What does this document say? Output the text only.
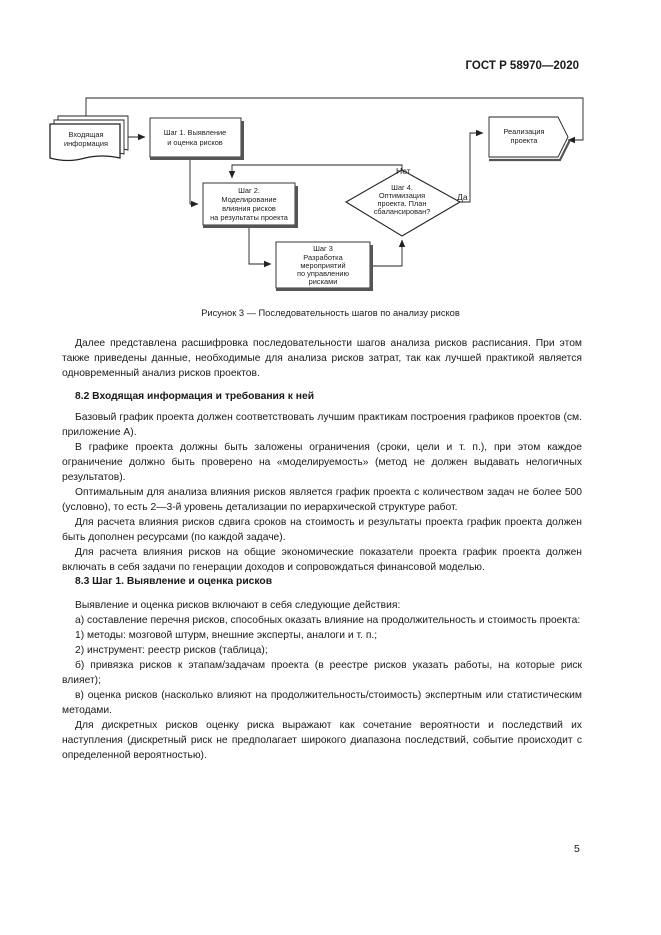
ГОСТ Р 58970—2020
Входящая
информация
Шаг 1. Выявление
и оценка рисков
Шаг 2.
Моделирование
влияния рисков
на результаты проекта
Шаг 3
Разработка
мероприятий
по управлению
рисками
Шаг 4.
Оптимизация
проекта. План
сбалансирован?
Нет
Да
Реализация
проекта
Рисунок 3 — Последовательность шагов по анализу рисков

Далее представлена расшифровка последовательности шагов анализа рисков расписания. При этом также приведены данные, необходимые для анализа рисков затрат, так как лучшей практикой является одновременный анализ рисков проектов.

8.2 Входящая информация и требования к ней

Базовый график проекта должен соответствовать лучшим практикам построения графиков проектов (см. приложение А).

В графике проекта должны быть заложены ограничения (сроки, цели и т. п.), при этом каждое ограничение должно быть проверено на «моделируемость» (метод не должен выдавать нелогичных результатов).

Оптимальным для анализа влияния рисков является график проекта с количеством задач не более 500 (условно), то есть 2—3-й уровень детализации по иерархической структуре работ.

Для расчета влияния рисков сдвига сроков на стоимость и результаты проекта график проекта должен быть дополнен ресурсами (по каждой задаче).

Для расчета влияния рисков на общие экономические показатели проекта график проекта должен включать в себя задачи по генерации доходов и сопровождаться финансовой моделью.

8.3 Шаг 1. Выявление и оценка рисков

Выявление и оценка рисков включают в себя следующие действия:

а) составление перечня рисков, способных оказать влияние на продолжительность и стоимость проекта:

1) методы: мозговой штурм, внешние эксперты, аналоги и т. п.;

2) инструмент: реестр рисков (таблица);

б) привязка рисков к этапам/задачам проекта (в реестре рисков указать работы, на которые риск влияет);

в) оценка рисков (насколько влияют на продолжительность/стоимость) экспертным или статистическим методами.

Для дискретных рисков оценку риска выражают как сочетание вероятности и последствий их наступления (дискретный риск не предполагает широкого диапазона последствий, событие происходит с определенной вероятностью).

5
